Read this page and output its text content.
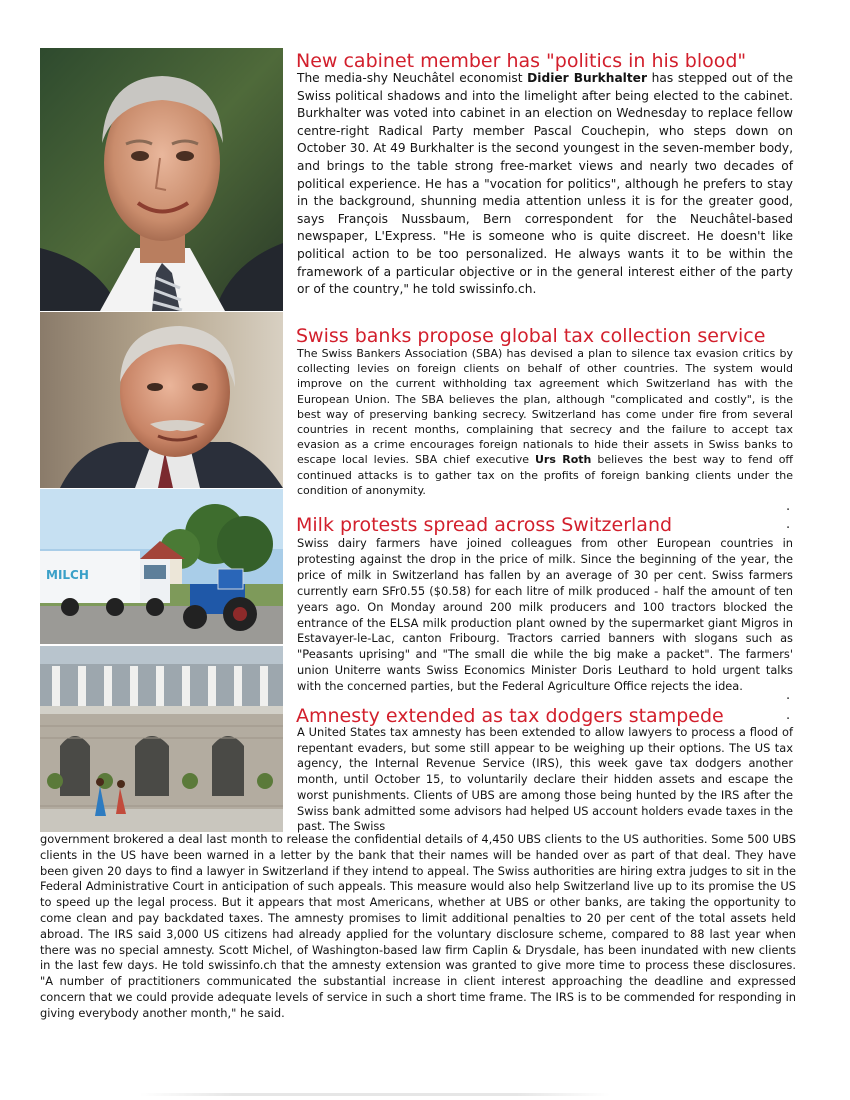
MILCH
New cabinet member has "politics in his blood"

The media-shy Neuchâtel economist Didier Burkhalter has stepped out of the Swiss political shadows and into the limelight after being elected to the cabinet. Burkhalter was voted into cabinet in an election on Wednesday to replace fellow centre-right Radical Party member Pascal Couchepin, who steps down on October 30. At 49 Burkhalter is the second youngest in the seven-member body, and brings to the table strong free-market views and nearly two decades of political experience. He has a "vocation for politics", although he prefers to stay in the background, shunning media attention unless it is for the greater good, says François Nussbaum, Bern correspondent for the Neuchâtel-based newspaper, L'Express. "He is someone who is quite discreet. He doesn't like political action to be too personalized. He always wants it to be within the framework of a particular objective or in the general interest either of the party or of the country," he told swissinfo.ch.

Swiss banks propose global tax collection service

The Swiss Bankers Association (SBA) has devised a plan to silence tax evasion critics by collecting levies on foreign clients on behalf of other countries. The system would improve on the current withholding tax agreement which Switzerland has with the European Union. The SBA believes the plan, although "complicated and costly", is the best way of preserving banking secrecy. Switzerland has come under fire from several countries in recent months, complaining that secrecy and the failure to accept tax evasion as a crime encourages foreign nationals to hide their assets in Swiss banks to escape local levies. SBA chief executive Urs Roth believes the best way to fend off continued attacks is to gather tax on the profits of foreign banking clients under the condition of anonymity.

.
Milk protests spread across Switzerland	.

Swiss dairy farmers have joined colleagues from other European countries in protesting against the drop in the price of milk. Since the beginning of the year, the price of milk in Switzerland has fallen by an average of 30 per cent. Swiss farmers currently earn SFr0.55 ($0.58) for each litre of milk produced - half the amount of ten years ago. On Monday around 200 milk producers and 100 tractors blocked the entrance of the ELSA milk production plant owned by the supermarket giant Migros in Estavayer-le-Lac, canton Fribourg. Tractors carried banners with slogans such as "Peasants uprising" and "The small die while the big make a packet". The farmers' union Uniterre wants Swiss Economics Minister Doris Leuthard to hold urgent talks with the concerned parties, but the Federal Agriculture Office rejects the idea.

.
Amnesty extended as tax dodgers stampede	.

A United States tax amnesty has been extended to allow lawyers to process a flood of repentant evaders, but some still appear to be weighing up their options. The US tax agency, the Internal Revenue Service (IRS), this week gave tax dodgers another month, until October 15, to voluntarily declare their hidden assets and escape the worst punishments. Clients of UBS are among those being hunted by the IRS after the Swiss bank admitted some advisors had helped US account holders evade taxes in the past. The Swiss

government brokered a deal last month to release the confidential details of 4,450 UBS clients to the US authorities. Some 500 UBS clients in the US have been warned in a letter by the bank that their names will be handed over as part of that deal. They have been given 20 days to find a lawyer in Switzerland if they intend to appeal. The Swiss authorities are hiring extra judges to sit in the Federal Administrative Court in anticipation of such appeals. This measure would also help Switzerland live up to its promise the US to speed up the legal process. But it appears that most Americans, whether at UBS or other banks, are taking the opportunity to come clean and pay backdated taxes. The amnesty promises to limit additional penalties to 20 per cent of the total assets held abroad. The IRS said 3,000 US citizens had already applied for the voluntary disclosure scheme, compared to 88 last year when there was no special amnesty. Scott Michel, of Washington-based law firm Caplin & Drysdale, has been inundated with new clients in the last few days. He told swissinfo.ch that the amnesty extension was granted to give more time to process these disclosures. "A number of practitioners communicated the substantial increase in client interest approaching the deadline and expressed concern that we could provide adequate levels of service in such a short time frame. The IRS is to be commended for responding in giving everybody another month," he said.
